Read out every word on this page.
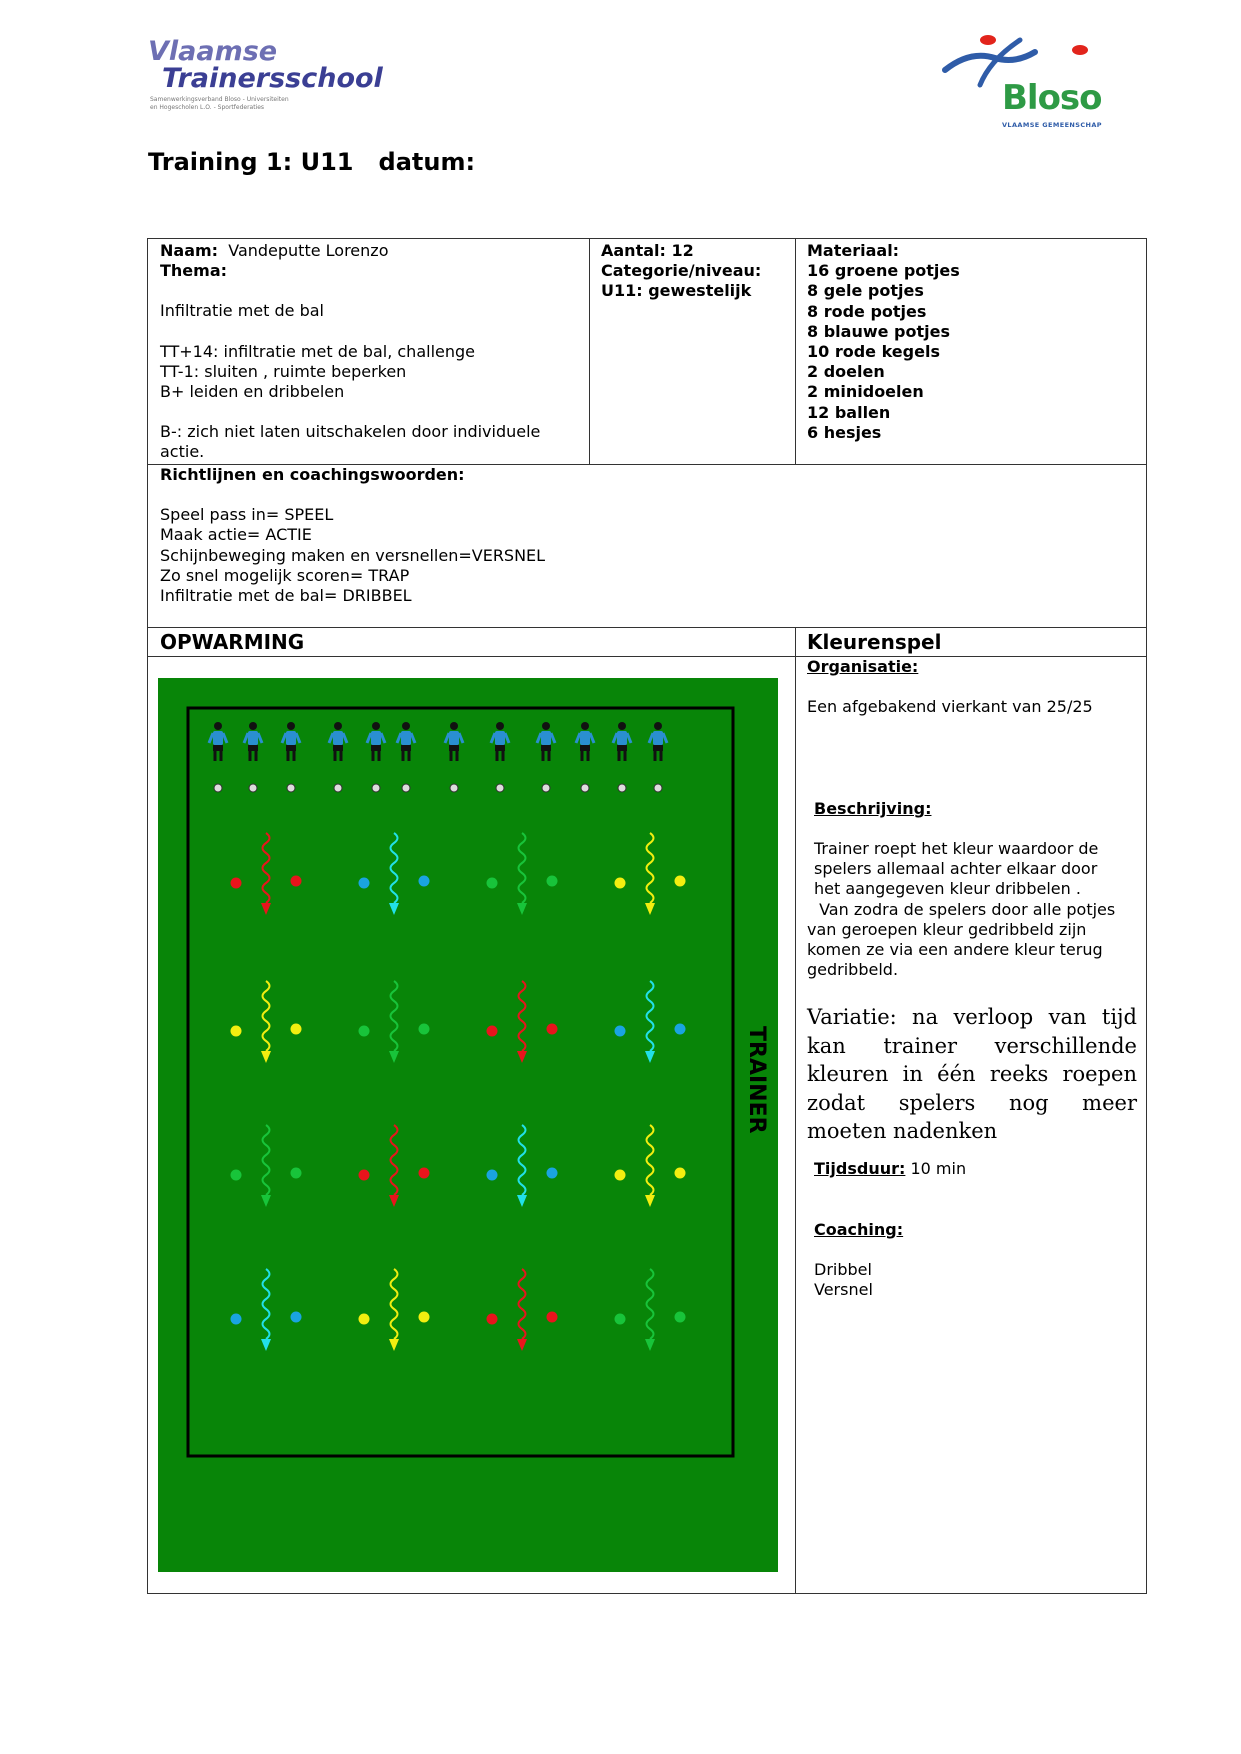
Vlaamse
Trainersschool
Samenwerkingsverband Bloso - Universiteiten
en Hogescholen L.O. - Sportfederaties	Bloso
VLAAMSE GEMEENSCHAP
Training 1: U11   datum:
Naam: Vandeputte Lorenzo
Thema:
Infiltratie met de bal
TT+14: infiltratie met de bal, challenge
TT-1: sluiten , ruimte beperken
B+ leiden en dribbelen
B-: zich niet laten uitschakelen door individuele
actie.
Aantal: 12
Categorie/niveau:
U11: gewestelijk
Materiaal:
16 groene potjes
8 gele potjes
8 rode potjes
8 blauwe potjes
10 rode kegels
2 doelen
2 minidoelen
12 ballen
6 hesjes
Richtlijnen en coachingswoorden:
Speel pass in= SPEEL
Maak actie= ACTIE
Schijnbeweging maken en versnellen=VERSNEL
Zo snel mogelijk scoren= TRAP
Infiltratie met de bal= DRIBBEL
OPWARMING	Kleurenspel
Organisatie:
Een afgebakend vierkant van 25/25
Beschrijving:
Trainer roept het kleur waardoor de
spelers allemaal achter elkaar door
het aangegeven kleur dribbelen .
Van zodra de spelers door alle potjes
van geroepen kleur gedribbeld zijn
komen ze via een andere kleur terug
gedribbeld.
Variatie: na verloop van tijd kan trainer verschillende kleuren in één reeks roepen zodat spelers nog meer moeten nadenken
Tijdsduur: 10 min
Coaching:
Dribbel
Versnel
TRAINER
